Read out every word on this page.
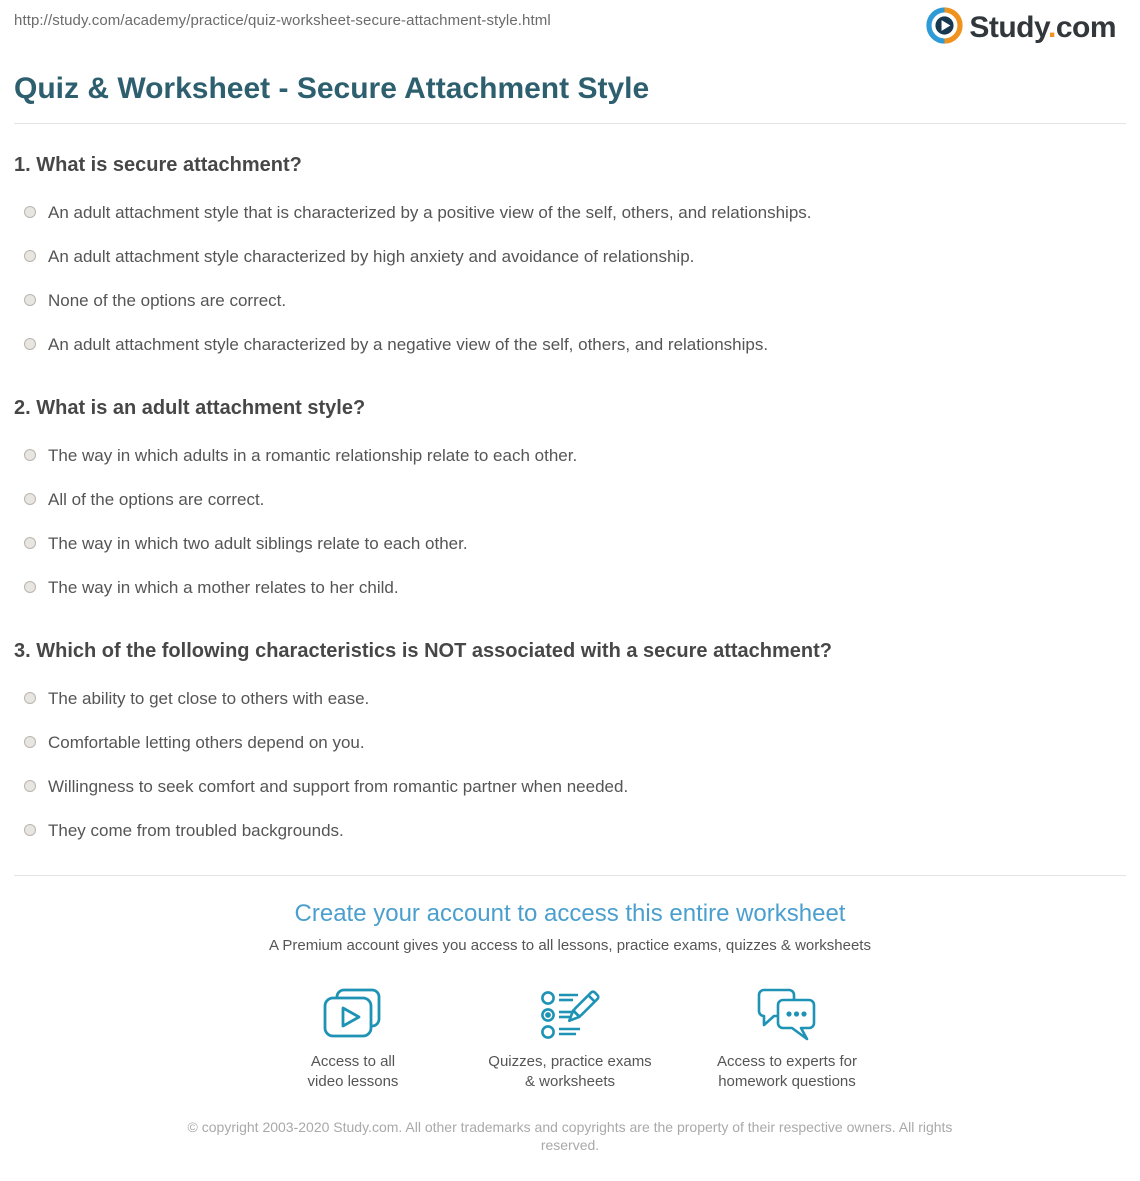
http://study.com/academy/practice/quiz-worksheet-secure-attachment-style.html	Study.com
Quiz & Worksheet - Secure Attachment Style
1. What is secure attachment?
An adult attachment style that is characterized by a positive view of the self, others, and relationships.
An adult attachment style characterized by high anxiety and avoidance of relationship.
None of the options are correct.
An adult attachment style characterized by a negative view of the self, others, and relationships.
2. What is an adult attachment style?
The way in which adults in a romantic relationship relate to each other.
All of the options are correct.
The way in which two adult siblings relate to each other.
The way in which a mother relates to her child.
3. Which of the following characteristics is NOT associated with a secure attachment?
The ability to get close to others with ease.
Comfortable letting others depend on you.
Willingness to seek comfort and support from romantic partner when needed.
They come from troubled backgrounds.
Create your account to access this entire worksheet
A Premium account gives you access to all lessons, practice exams, quizzes & worksheets
Access to all
video lessons
Quizzes, practice exams
& worksheets
Access to experts for
homework questions
© copyright 2003-2020 Study.com. All other trademarks and copyrights are the property of their respective owners. All rights reserved.
